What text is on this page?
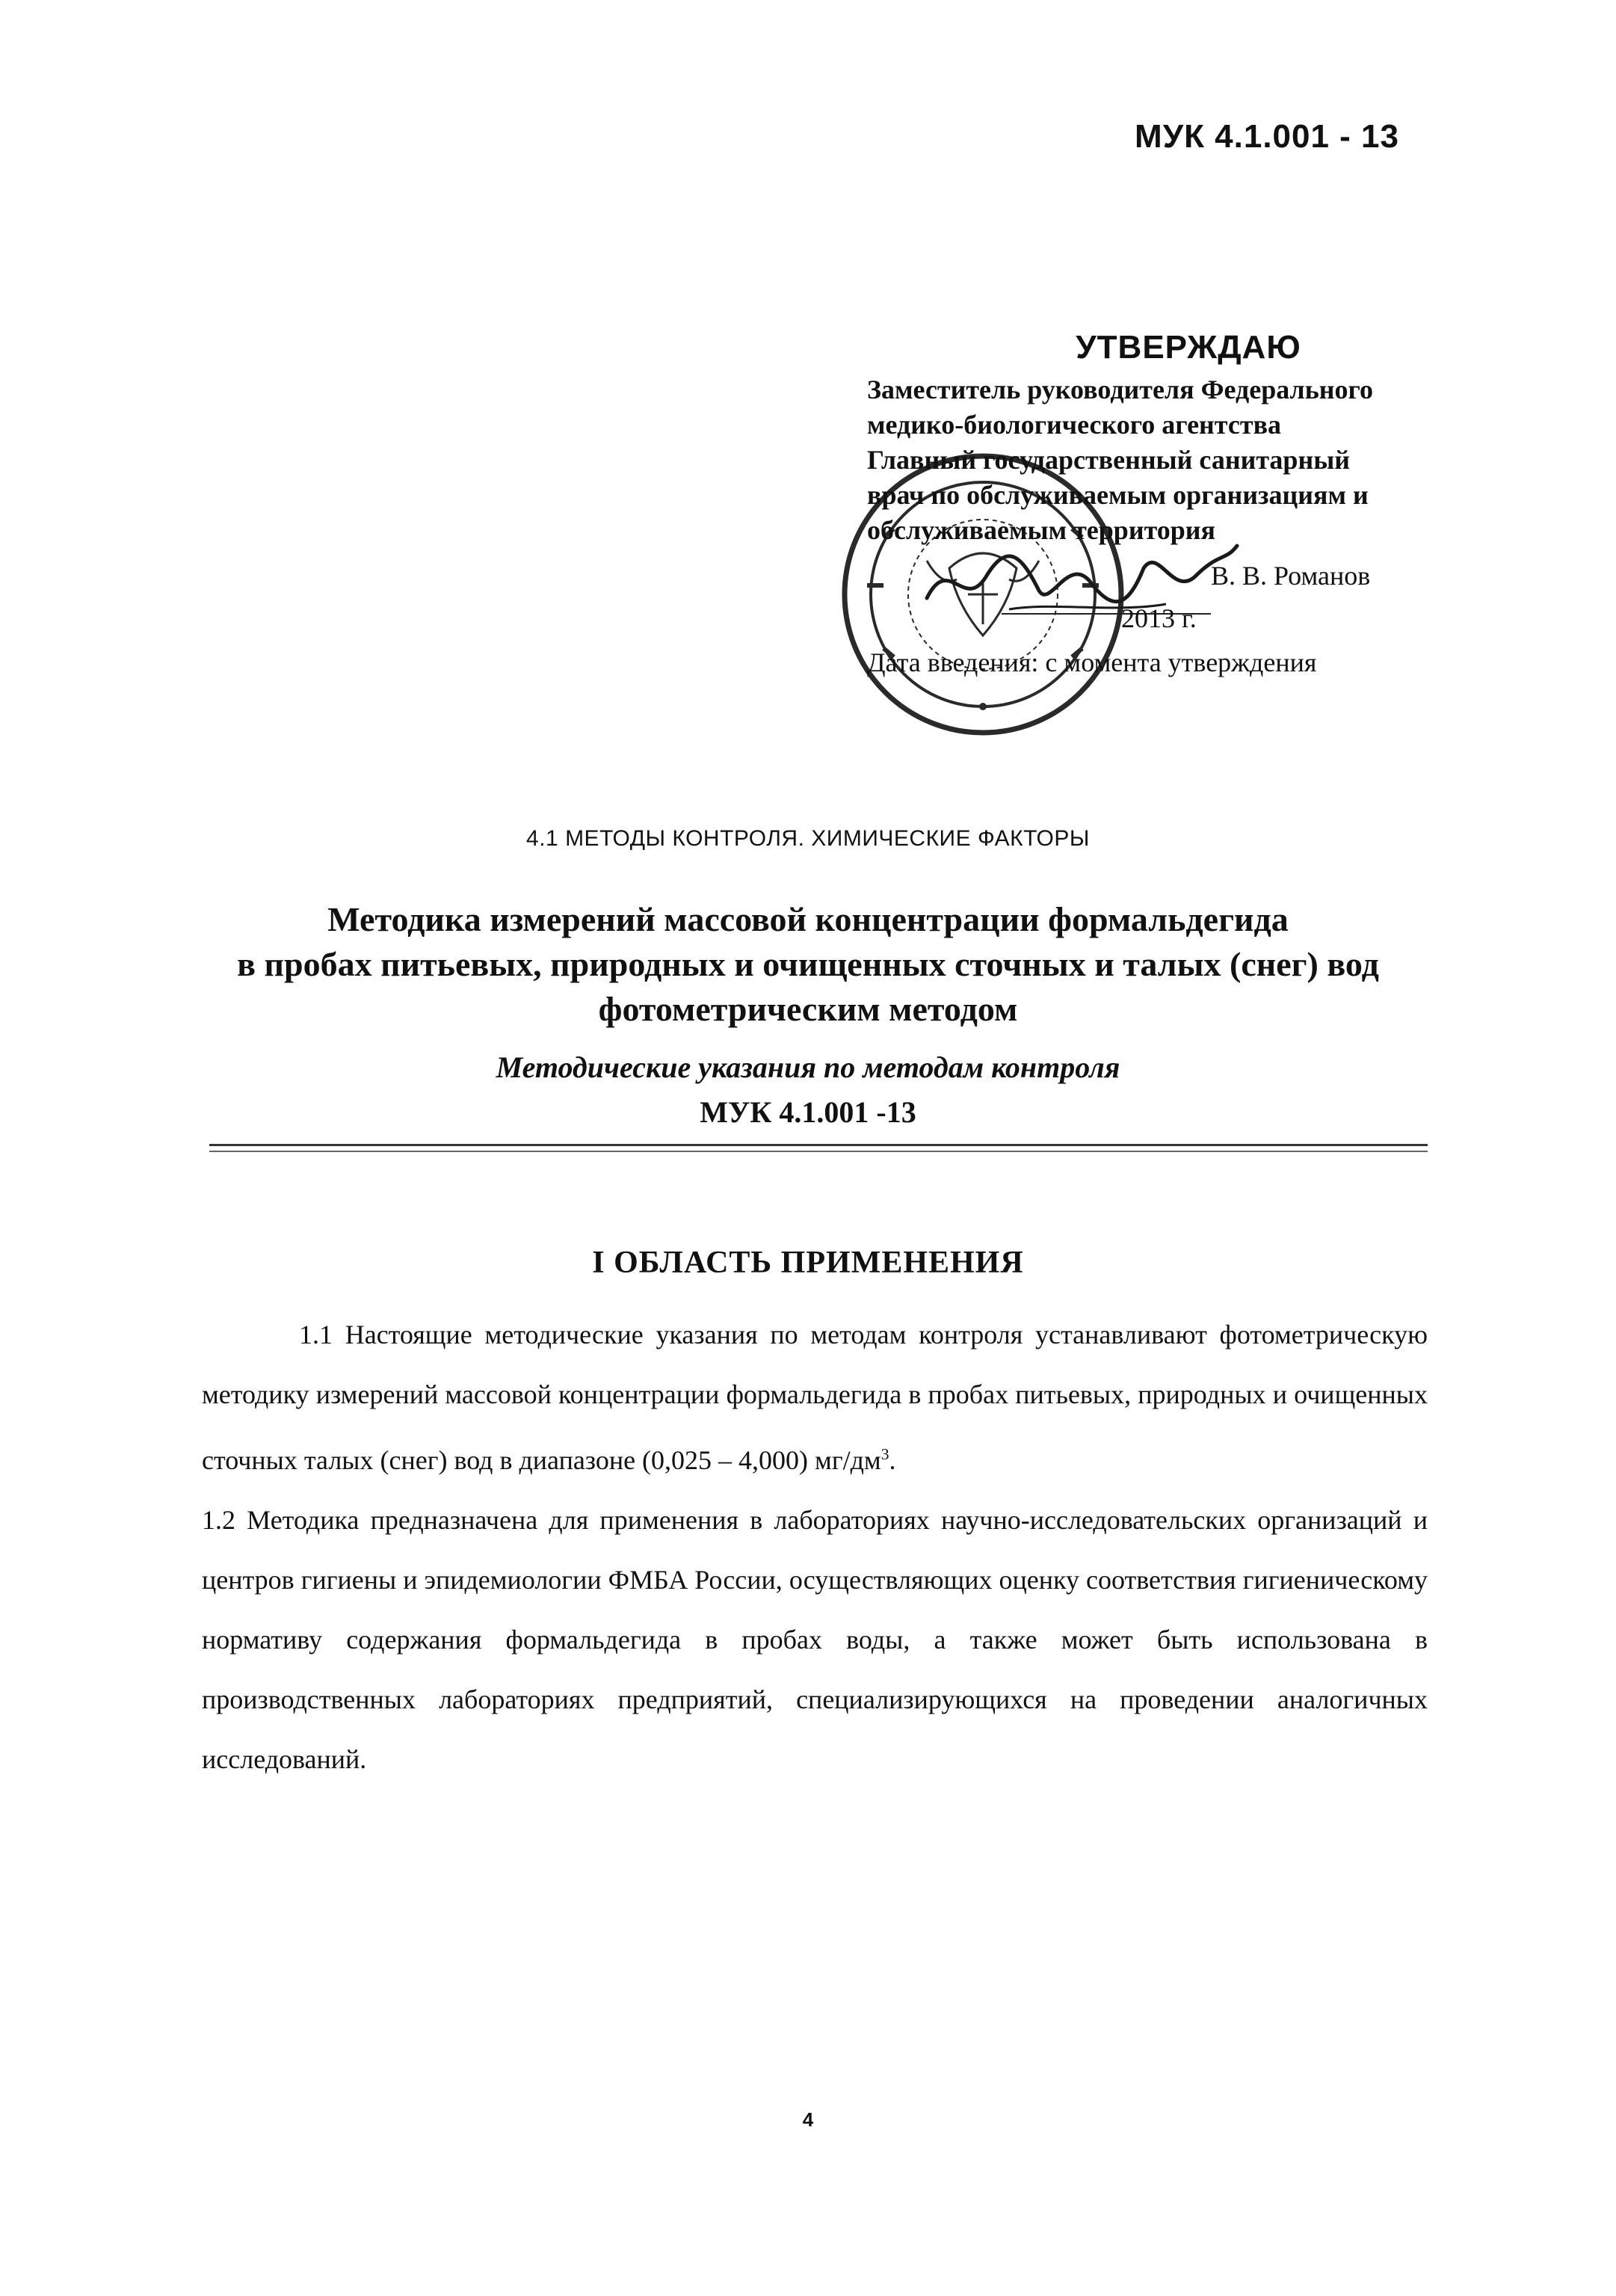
МУК 4.1.001 - 13
УТВЕРЖДАЮ
Заместитель руководителя Федерального
медико-биологического агентства
Главный государственный санитарный
врач по обслуживаемым организациям и
обслуживаемым территория
В. В. Романов
2013 г.
Дата введения: с момента утверждения
4.1 МЕТОДЫ КОНТРОЛЯ. ХИМИЧЕСКИЕ ФАКТОРЫ
Методика измерений массовой концентрации формальдегида
в пробах питьевых, природных и очищенных сточных и талых (снег) вод
фотометрическим методом
Методические указания по методам контроля
МУК 4.1.001 -13
I ОБЛАСТЬ ПРИМЕНЕНИЯ

1.1 Настоящие методические указания по методам контроля устанавливают фотометрическую методику измерений массовой концентрации формальдегида в пробах питьевых, природных и очищенных сточных талых (снег) вод в диапазоне (0,025 – 4,000) $мг/дм^3$.

1.2 Методика предназначена для применения в лабораториях научно-исследовательских организаций и центров гигиены и эпидемиологии ФМБА России, осуществляющих оценку соответствия гигиеническому нормативу содержания формальдегида в пробах воды, а также может быть использована в производственных лабораториях предприятий, специализирующихся на проведении аналогичных исследований.

4
